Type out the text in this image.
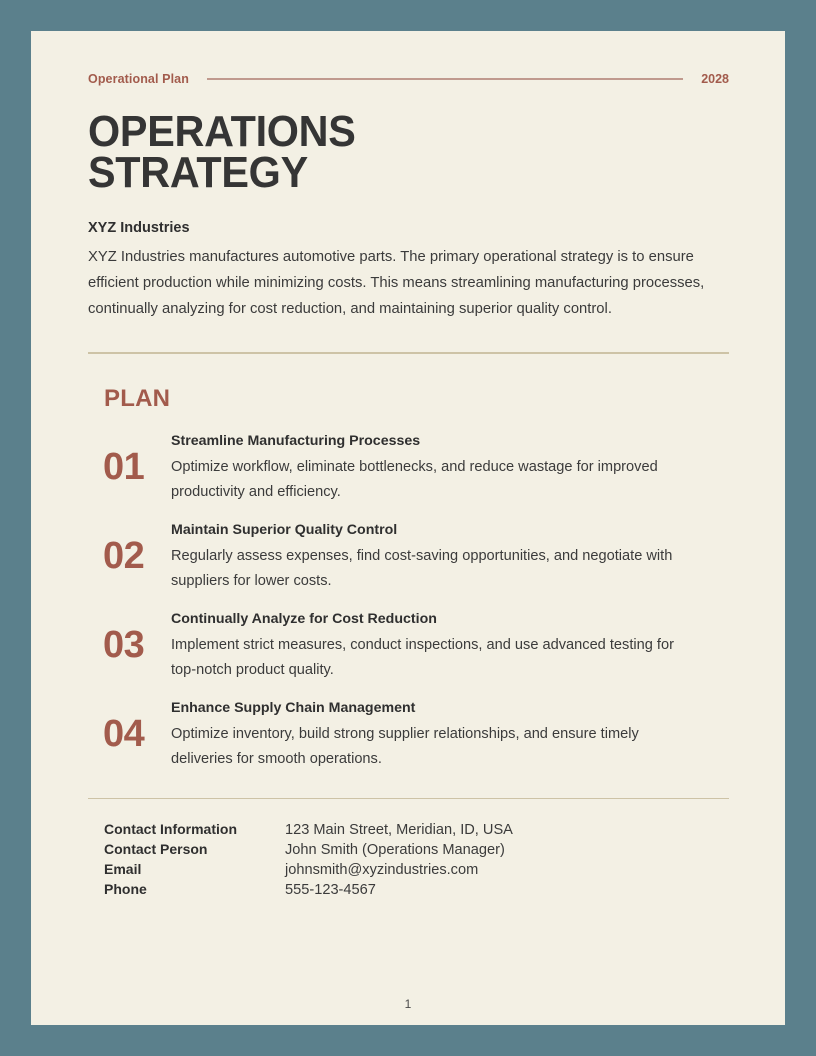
Operational Plan	2028
OPERATIONS
STRATEGY
XYZ Industries

XYZ Industries manufactures automotive parts. The primary operational strategy is to ensure efficient production while minimizing costs. This means streamlining manufacturing processes, continually analyzing for cost reduction, and maintaining superior quality control.

PLAN
01
Streamline Manufacturing Processes

Optimize workflow, eliminate bottlenecks, and reduce wastage for improved productivity and efficiency.

02
Maintain Superior Quality Control

Regularly assess expenses, find cost-saving opportunities, and negotiate with suppliers for lower costs.

03
Continually Analyze for Cost Reduction

Implement strict measures, conduct inspections, and use advanced testing for top-notch product quality.

04
Enhance Supply Chain Management

Optimize inventory, build strong supplier relationships, and ensure timely deliveries for smooth operations.

Contact Information	123 Main Street, Meridian, ID, USA
Contact Person	John Smith (Operations Manager)
Email	johnsmith@xyzindustries.com
Phone	555-123-4567
1
